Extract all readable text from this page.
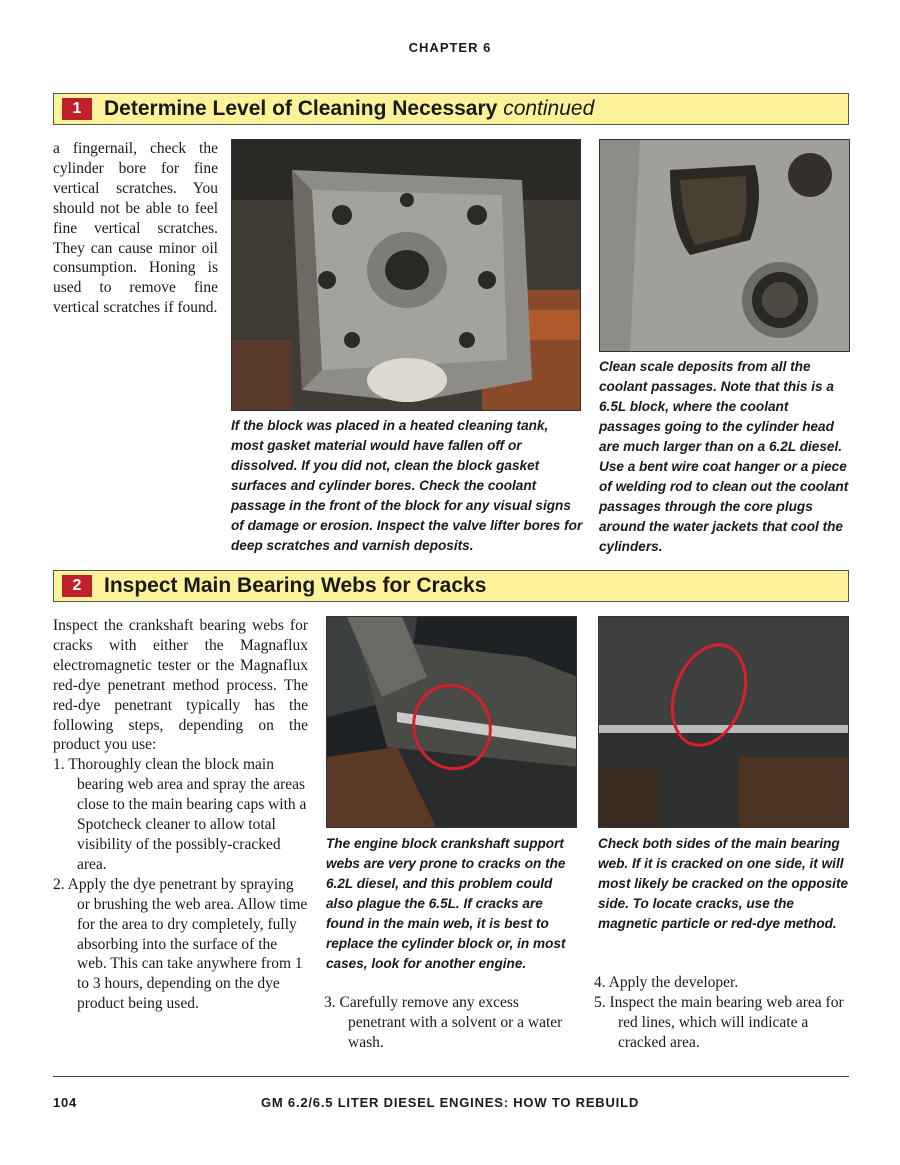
CHAPTER 6
1	Determine Level of Cleaning Necessary continued

a fingernail, check the cylinder bore for fine vertical scratches. You should not be able to feel fine vertical scratches. They can cause minor oil consumption. Honing is used to remove fine vertical scratches if found.

If the block was placed in a heated cleaning tank, most gasket material would have fallen off or dissolved. If you did not, clean the block gasket surfaces and cylinder bores. Check the coolant passage in the front of the block for any visual signs of damage or erosion. Inspect the valve lifter bores for deep scratches and varnish deposits.
Clean scale deposits from all the coolant passages. Note that this is a 6.5L block, where the coolant passages going to the cylinder head are much larger than on a 6.2L diesel. Use a bent wire coat hanger or a piece of welding rod to clean out the coolant passages through the core plugs around the water jackets that cool the cylinders.
2	Inspect Main Bearing Webs for Cracks

Inspect the crankshaft bearing webs for cracks with either the Magnaflux electromagnetic tester or the Magnaflux red-dye penetrant method process. The red-dye penetrant typically has the following steps, depending on the product you use:

1. Thoroughly clean the block main bearing web area and spray the areas close to the main bearing caps with a Spotcheck cleaner to allow total visibility of the possibly-cracked area.
2. Apply the dye penetrant by spraying or brushing the web area. Allow time for the area to dry completely, fully absorbing into the surface of the web. This can take anywhere from 1 to 3 hours, depending on the dye product being used.
The engine block crankshaft support webs are very prone to cracks on the 6.2L diesel, and this problem could also plague the 6.5L. If cracks are found in the main web, it is best to replace the cylinder block or, in most cases, look for another engine.
Check both sides of the main bearing web. If it is cracked on one side, it will most likely be cracked on the opposite side. To locate cracks, use the magnetic particle or red-dye method.
3. Carefully remove any excess penetrant with a solvent or a water wash.
4. Apply the developer.
5. Inspect the main bearing web area for red lines, which will indicate a cracked area.
104	GM 6.2/6.5 LITER DIESEL ENGINES: HOW TO REBUILD
